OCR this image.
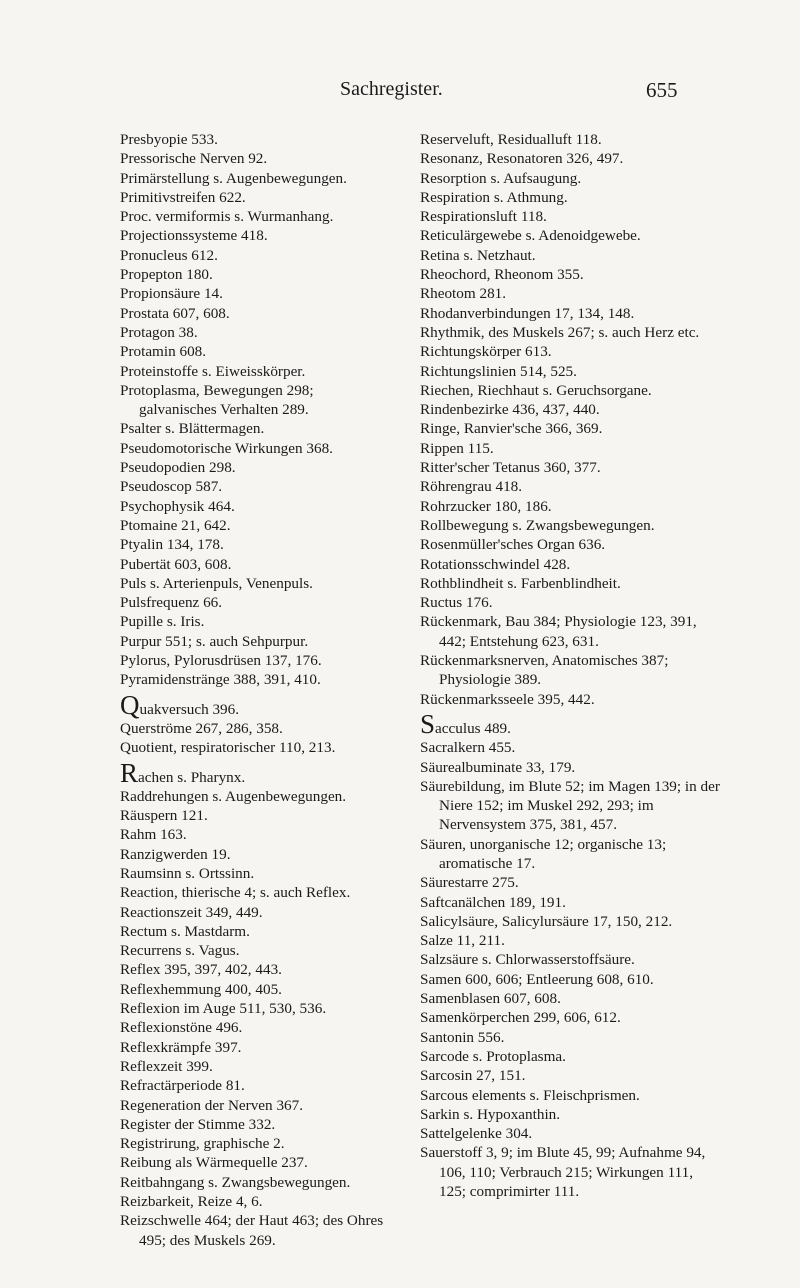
Sachregister.	655
Presbyopie 533.
Pressorische Nerven 92.
Primärstellung s. Augenbewegungen.
Primitivstreifen 622.
Proc. vermiformis s. Wurmanhang.
Projectionssysteme 418.
Pronucleus 612.
Propepton 180.
Propionsäure 14.
Prostata 607, 608.
Protagon 38.
Protamin 608.
Proteinstoffe s. Eiweisskörper.
Protoplasma, Bewegungen 298; galvanisches Verhalten 289.
Psalter s. Blättermagen.
Pseudomotorische Wirkungen 368.
Pseudopodien 298.
Pseudoscop 587.
Psychophysik 464.
Ptomaine 21, 642.
Ptyalin 134, 178.
Pubertät 603, 608.
Puls s. Arterienpuls, Venenpuls.
Pulsfrequenz 66.
Pupille s. Iris.
Purpur 551; s. auch Sehpurpur.
Pylorus, Pylorusdrüsen 137, 176.
Pyramidenstränge 388, 391, 410.
Quakversuch 396.
Querströme 267, 286, 358.
Quotient, respiratorischer 110, 213.
Rachen s. Pharynx.
Raddrehungen s. Augenbewegungen.
Räuspern 121.
Rahm 163.
Ranzigwerden 19.
Raumsinn s. Ortssinn.
Reaction, thierische 4; s. auch Reflex.
Reactionszeit 349, 449.
Rectum s. Mastdarm.
Recurrens s. Vagus.
Reflex 395, 397, 402, 443.
Reflexhemmung 400, 405.
Reflexion im Auge 511, 530, 536.
Reflexionstöne 496.
Reflexkrämpfe 397.
Reflexzeit 399.
Refractärperiode 81.
Regeneration der Nerven 367.
Register der Stimme 332.
Registrirung, graphische 2.
Reibung als Wärmequelle 237.
Reitbahngang s. Zwangsbewegungen.
Reizbarkeit, Reize 4, 6.
Reizschwelle 464; der Haut 463; des Ohres 495; des Muskels 269.
Reserveluft, Residualluft 118.
Resonanz, Resonatoren 326, 497.
Resorption s. Aufsaugung.
Respiration s. Athmung.
Respirationsluft 118.
Reticulärgewebe s. Adenoidgewebe.
Retina s. Netzhaut.
Rheochord, Rheonom 355.
Rheotom 281.
Rhodanverbindungen 17, 134, 148.
Rhythmik, des Muskels 267; s. auch Herz etc.
Richtungskörper 613.
Richtungslinien 514, 525.
Riechen, Riechhaut s. Geruchsorgane.
Rindenbezirke 436, 437, 440.
Ringe, Ranvier'sche 366, 369.
Rippen 115.
Ritter'scher Tetanus 360, 377.
Röhrengrau 418.
Rohrzucker 180, 186.
Rollbewegung s. Zwangsbewegungen.
Rosenmüller'sches Organ 636.
Rotationsschwindel 428.
Rothblindheit s. Farbenblindheit.
Ructus 176.
Rückenmark, Bau 384; Physiologie 123, 391, 442; Entstehung 623, 631.
Rückenmarksnerven, Anatomisches 387; Physiologie 389.
Rückenmarksseele 395, 442.
Sacculus 489.
Sacralkern 455.
Säurealbuminate 33, 179.
Säurebildung, im Blute 52; im Magen 139; in der Niere 152; im Muskel 292, 293; im Nervensystem 375, 381, 457.
Säuren, unorganische 12; organische 13; aromatische 17.
Säurestarre 275.
Saftcanälchen 189, 191.
Salicylsäure, Salicylursäure 17, 150, 212.
Salze 11, 211.
Salzsäure s. Chlorwasserstoffsäure.
Samen 600, 606; Entleerung 608, 610.
Samenblasen 607, 608.
Samenkörperchen 299, 606, 612.
Santonin 556.
Sarcode s. Protoplasma.
Sarcosin 27, 151.
Sarcous elements s. Fleischprismen.
Sarkin s. Hypoxanthin.
Sattelgelenke 304.
Sauerstoff 3, 9; im Blute 45, 99; Aufnahme 94, 106, 110; Verbrauch 215; Wirkungen 111, 125; comprimirter 111.
